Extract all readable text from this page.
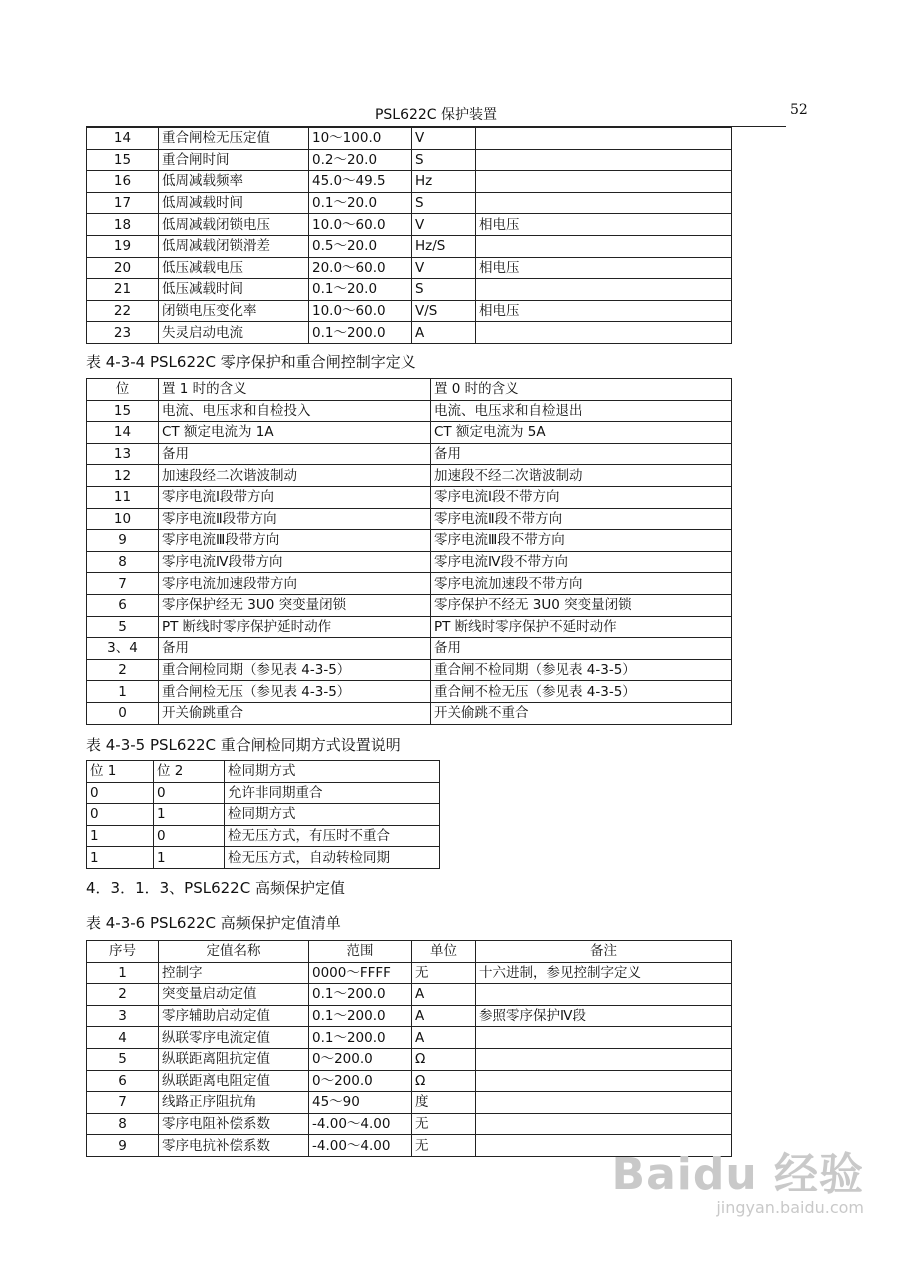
PSL622C 保护装置	52
14	重合闸检无压定值	10～100.0	V	
15	重合闸时间	0.2～20.0	S	
16	低周减载频率	45.0～49.5	Hz	
17	低周减载时间	0.1～20.0	S	
18	低周减载闭锁电压	10.0～60.0	V	相电压
19	低周减载闭锁滑差	0.5～20.0	Hz/S	
20	低压减载电压	20.0～60.0	V	相电压
21	低压减载时间	0.1～20.0	S	
22	闭锁电压变化率	10.0～60.0	V/S	相电压
23	失灵启动电流	0.1～200.0	A	
表 4-3-4 PSL622C 零序保护和重合闸控制字定义
位	置 1 时的含义	置 0 时的含义
15	电流、电压求和自检投入	电流、电压求和自检退出
14	CT 额定电流为 1A	CT 额定电流为 5A
13	备用	备用
12	加速段经二次谐波制动	加速段不经二次谐波制动
11	零序电流Ⅰ段带方向	零序电流Ⅰ段不带方向
10	零序电流Ⅱ段带方向	零序电流Ⅱ段不带方向
9	零序电流Ⅲ段带方向	零序电流Ⅲ段不带方向
8	零序电流Ⅳ段带方向	零序电流Ⅳ段不带方向
7	零序电流加速段带方向	零序电流加速段不带方向
6	零序保护经无 3U0 突变量闭锁	零序保护不经无 3U0 突变量闭锁
5	PT 断线时零序保护延时动作	PT 断线时零序保护不延时动作
3、4	备用	备用
2	重合闸检同期（参见表 4-3-5）	重合闸不检同期（参见表 4-3-5）
1	重合闸检无压（参见表 4-3-5）	重合闸不检无压（参见表 4-3-5）
0	开关偷跳重合	开关偷跳不重合
表 4-3-5 PSL622C 重合闸检同期方式设置说明
位 1	位 2	检同期方式
0	0	允许非同期重合
0	1	检同期方式
1	0	检无压方式，有压时不重合
1	1	检无压方式，自动转检同期
4．3．1．3、PSL622C 高频保护定值
表 4-3-6 PSL622C 高频保护定值清单
序号	定值名称	范围	单位	备注
1	控制字	0000～FFFF	无	十六进制，参见控制字定义
2	突变量启动定值	0.1～200.0	A	
3	零序辅助启动定值	0.1～200.0	A	参照零序保护Ⅳ段
4	纵联零序电流定值	0.1～200.0	A	
5	纵联距离阻抗定值	0～200.0	Ω	
6	纵联距离电阻定值	0～200.0	Ω	
7	线路正序阻抗角	45～90	度	
8	零序电阻补偿系数	-4.00～4.00	无	
9	零序电抗补偿系数	-4.00～4.00	无	
Baidu 经验
jingyan.baidu.com
